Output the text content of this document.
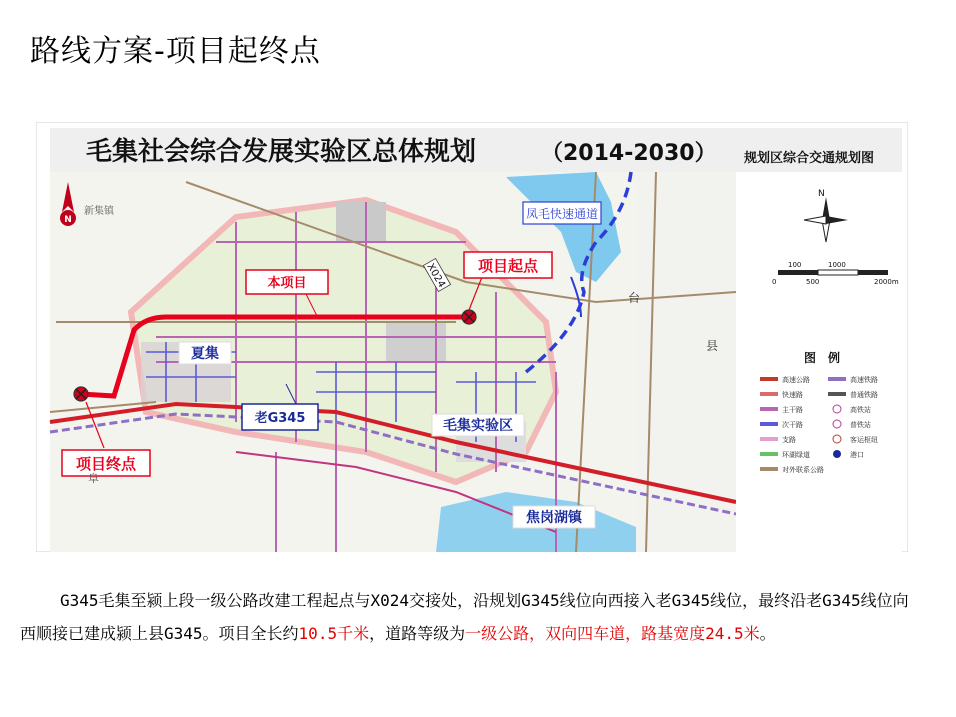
路线方案-项目起终点
毛集社会综合发展实验区总体规划	（2014-2030） 规划区综合交通规划图
本项目
项目起点
项目终点
凤毛快速通道
老G345
X024
夏集
毛集实验区
焦岗湖镇
新集镇
台
县
阜
N
N
0
100
500
1000
2000m
图　例
高速公路
快速路
主干路
次干路
支路
环湖绿道
对外联系公路
高速铁路
普通铁路
高铁站
普铁站
客运枢纽
港口
G345毛集至颍上段一级公路改建工程起点与X024交接处，沿规划G345线位向西接入老G345线位，最终沿老G345线位向西顺接已建成颍上县G345。项目全长约10.5千米，道路等级为一级公路，双向四车道，路基宽度24.5米。
